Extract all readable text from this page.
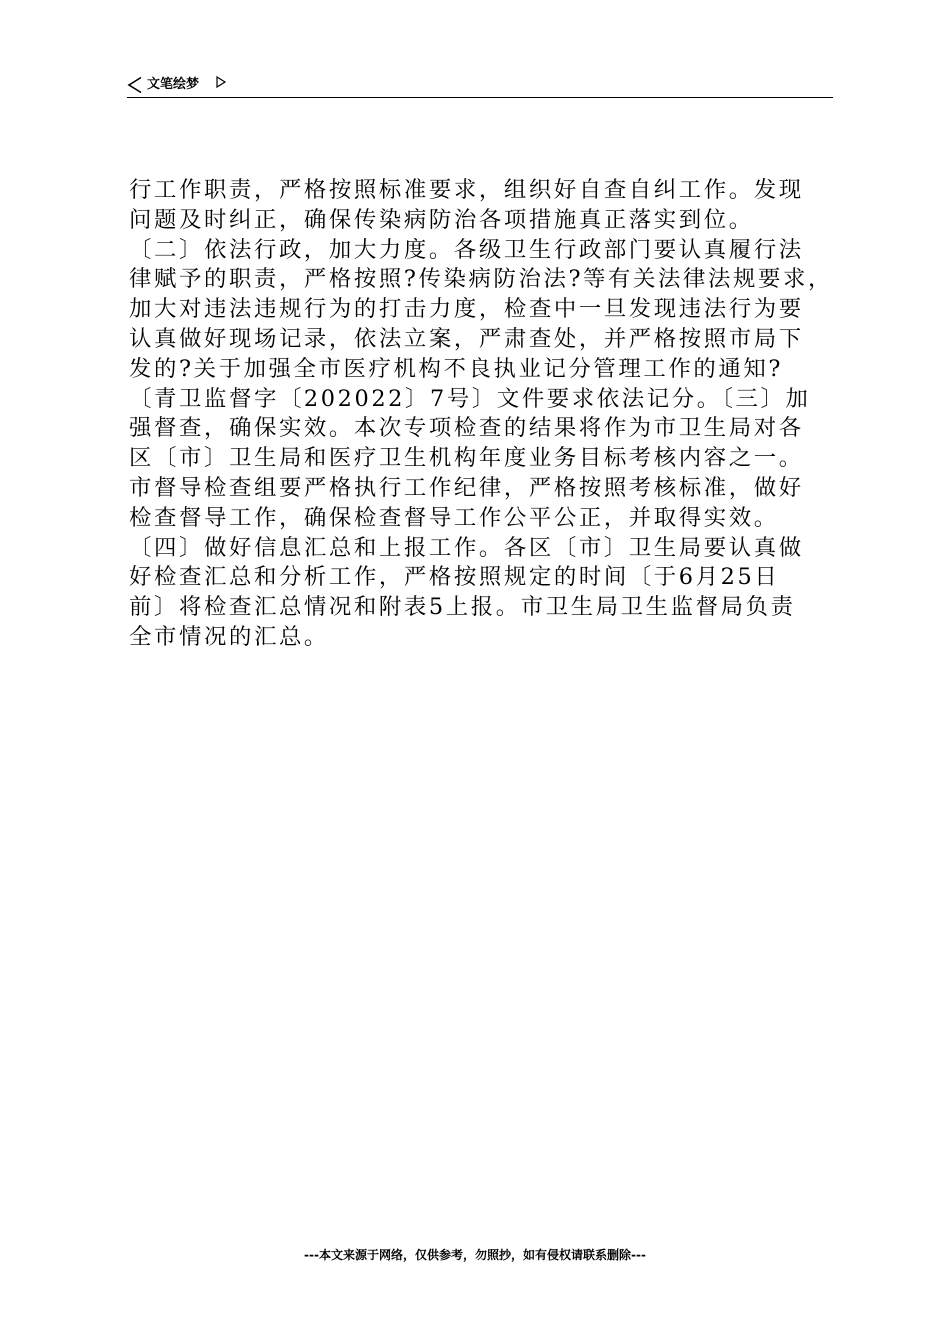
文笔绘梦
行工作职责，严格按照标准要求，组织好自查自纠工作。发现
问题及时纠正，确保传染病防治各项措施真正落实到位。
〔二〕依法行政，加大力度。各级卫生行政部门要认真履行法
律赋予的职责，严格按照?传染病防治法?等有关法律法规要求，
加大对违法违规行为的打击力度，检查中一旦发现违法行为要
认真做好现场记录，依法立案，严肃查处，并严格按照市局下
发的?关于加强全市医疗机构不良执业记分管理工作的通知?
〔青卫监督字〔202022〕7号〕文件要求依法记分。〔三〕加
强督查，确保实效。本次专项检查的结果将作为市卫生局对各
区〔市〕卫生局和医疗卫生机构年度业务目标考核内容之一。
市督导检查组要严格执行工作纪律，严格按照考核标准，做好
检查督导工作，确保检查督导工作公平公正，并取得实效。
〔四〕做好信息汇总和上报工作。各区〔市〕卫生局要认真做
好检查汇总和分析工作，严格按照规定的时间〔于6月25日
前〕将检查汇总情况和附表5上报。市卫生局卫生监督局负责
全市情况的汇总。
---本文来源于网络，仅供参考，勿照抄，如有侵权请联系删除---
